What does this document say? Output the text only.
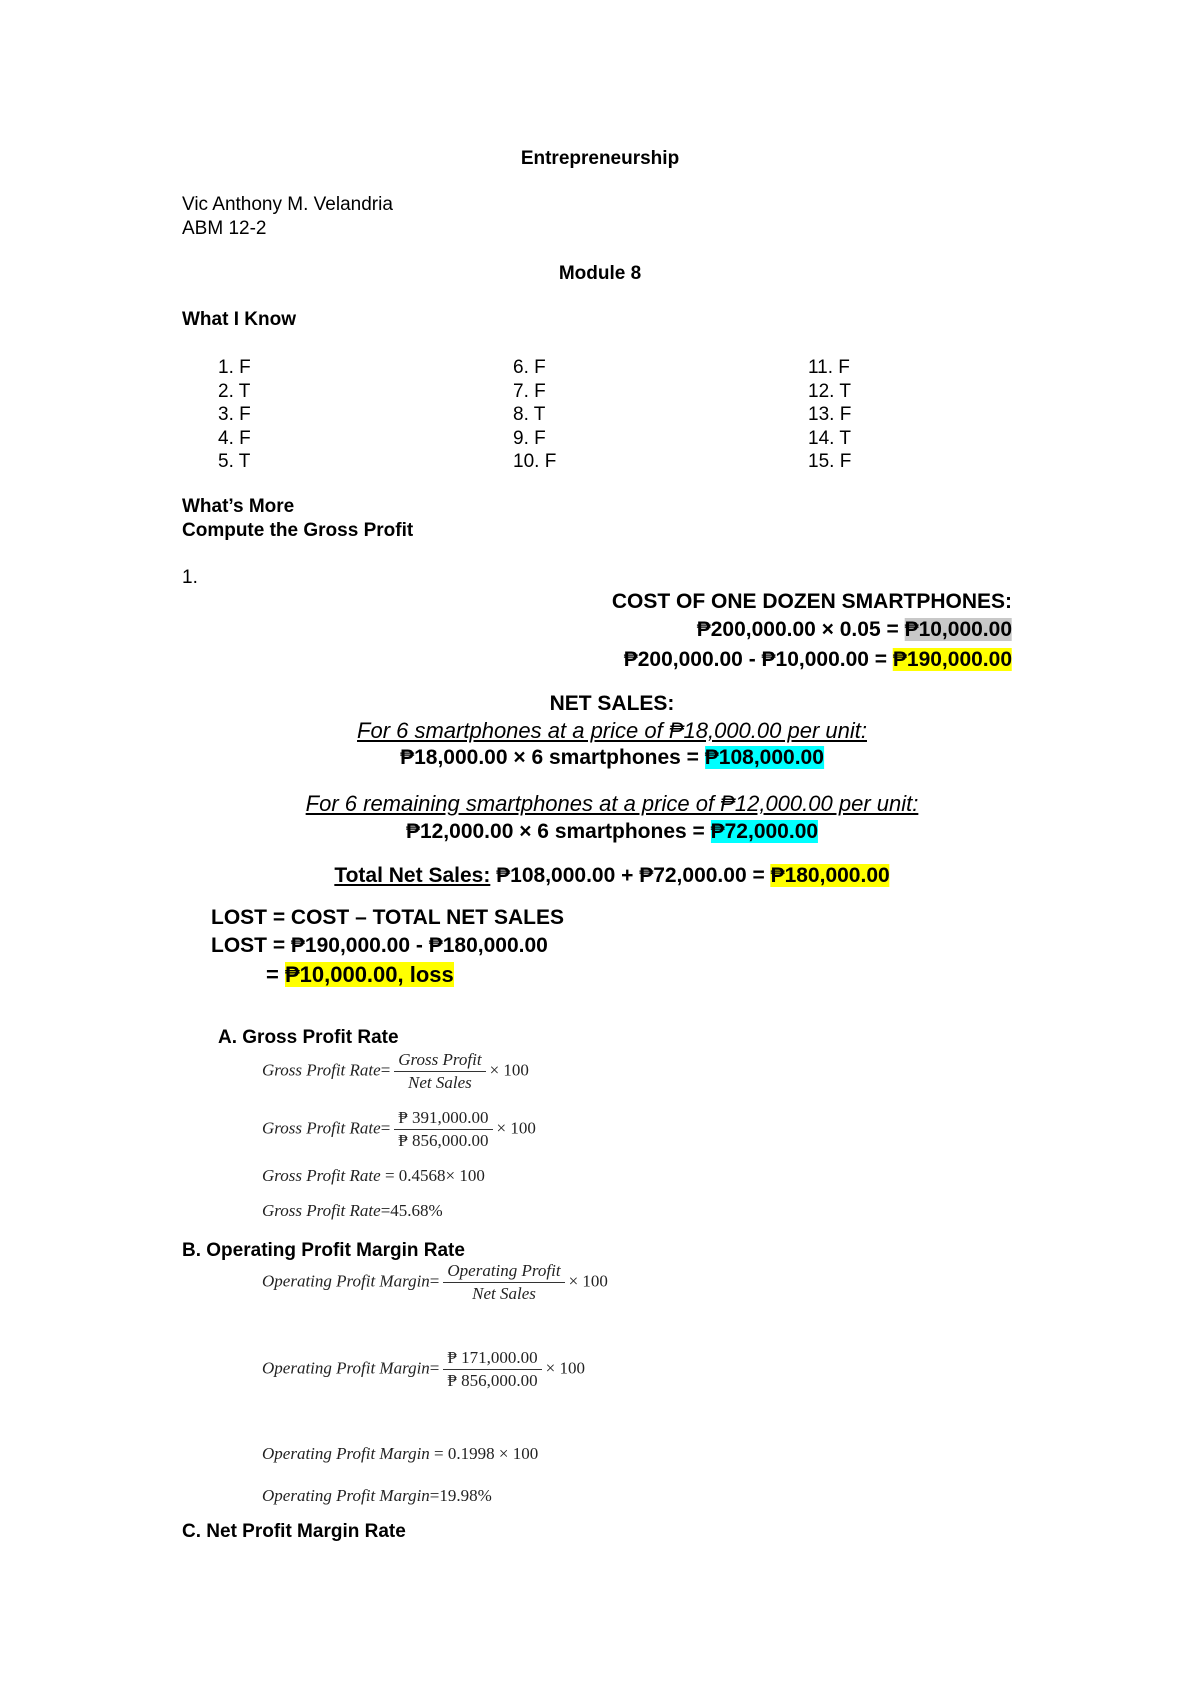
Entrepreneurship
Vic Anthony M. Velandria
ABM 12-2
Module 8
What I Know
1. F
2. T
3. F
4. F
5. T
6. F
7. F
8. T
9. F
10. F
11. F
12. T
13. F
14. T
15. F
What’s More
Compute the Gross Profit
1.
COST OF ONE DOZEN SMARTPHONES:
₱200,000.00 × 0.05 = ₱10,000.00
₱200,000.00 - ₱10,000.00 = ₱190,000.00
NET SALES:
For 6 smartphones at a price of ₱18,000.00 per unit:
₱18,000.00 × 6 smartphones = ₱108,000.00
For 6 remaining smartphones at a price of ₱12,000.00 per unit:
₱12,000.00 × 6 smartphones = ₱72,000.00
Total Net Sales: ₱108,000.00 + ₱72,000.00 = ₱180,000.00
LOST = COST – TOTAL NET SALES
LOST = ₱190,000.00 - ₱180,000.00
= ₱10,000.00, loss
A. Gross Profit Rate
Gross Profit Rate= $\frac{\text{Gross Profit}}{\text{Net Sales}} \times 100$
Gross Profit Rate= $\frac{₱ 391,000.00}{₱ 856,000.00} \times 100$
Gross Profit Rate = 0.4568× 100
Gross Profit Rate=45.68%
B. Operating Profit Margin Rate
Operating Profit Margin= $\frac{\text{Operating Profit}}{\text{Net Sales}} \times 100$
Operating Profit Margin= $\frac{₱ 171,000.00}{₱ 856,000.00} \times 100$
Operating Profit Margin = 0.1998 × 100
Operating Profit Margin=19.98%
C. Net Profit Margin Rate
